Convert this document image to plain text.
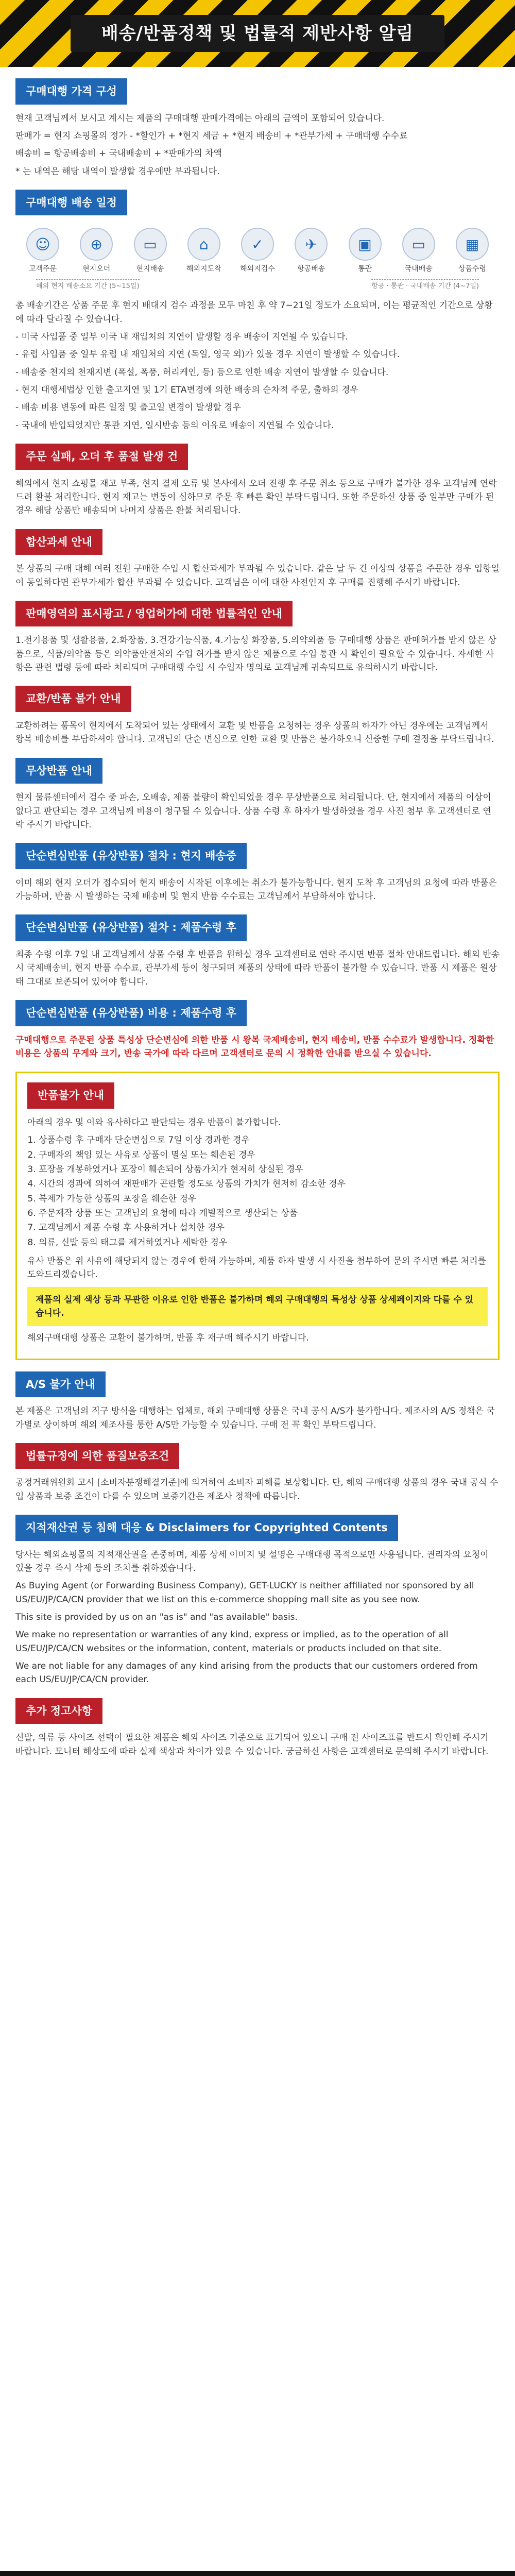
배송/반품정책 및 법률적 제반사항 알림
구매대행 가격 구성

현재 고객님께서 보시고 계시는 제품의 구매대행 판매가격에는 아래의 금액이 포함되어 있습니다.

판매가 = 현지 쇼핑몰의 정가 - *할인가 + *현지 세금 + *현지 배송비 + *관부가세 + 구매대행 수수료

배송비 = 항공배송비 + 국내배송비 + *판매가의 차액

* 는 내역은 해당 내역이 발생할 경우에만 부과됩니다.

구매대행 배송 일정
☺
고객주문
⊕
현지오더
▭
현지배송
⌂
해외지도착
✓
해외지검수
✈
항공배송
▣
통관
▭
국내배송
▦
상품수령
해외 현지 배송소요 기간 (5~15일)	항공 · 통관 · 국내배송 기간 (4~7일)

총 배송기간은 상품 주문 후 현지 배대지 검수 과정을 모두 마친 후 약 7~21일 정도가 소요되며, 이는 평균적인 기간으로 상황에 따라 달라질 수 있습니다.

- 미국 사입품 중 일부 이국 내 재입처의 지연이 발생할 경우 배송이 지연될 수 있습니다.

- 유럽 사입품 중 일부 유럽 내 재입처의 지연 (독일, 영국 외)가 있을 경우 지연이 발생할 수 있습니다.

- 배송중 천지의 천재지변 (폭설, 폭풍, 허리케인, 등) 등으로 인한 배송 지연이 발생할 수 있습니다.

- 현지 대행세법상 인한 출고지연 및 1기 ETA변경에 의한 배송의 순차적 주문, 출하의 경우

- 배송 비용 변동에 따른 일정 및 출고일 변경이 발생할 경우

- 국내에 반입되었지만 통관 지연, 일시반송 등의 이유로 배송이 지연될 수 있습니다.

주문 실패, 오더 후 품절 발생 건

해외에서 현지 쇼핑몰 재고 부족, 현지 결제 오류 및 본사에서 오더 진행 후 주문 취소 등으로 구매가 불가한 경우 고객님께 연락드려 환불 처리합니다. 현지 재고는 변동이 심하므로 주문 후 빠른 확인 부탁드립니다. 또한 주문하신 상품 중 일부만 구매가 된 경우 해당 상품만 배송되며 나머지 상품은 환불 처리됩니다.

합산과세 안내

본 상품의 구매 대해 여러 전원 구매한 수입 시 합산과세가 부과될 수 있습니다. 같은 날 두 건 이상의 상품을 주문한 경우 입항일이 동일하다면 관부가세가 합산 부과될 수 있습니다. 고객님은 이에 대한 사전인지 후 구매를 진행해 주시기 바랍니다.

판매영역의 표시광고 / 영업허가에 대한 법률적인 안내

1.전기용품 및 생활용품, 2.화장품, 3.건강기능식품, 4.기능성 화장품, 5.의약외품 등 구매대행 상품은 판매허가를 받지 않은 상품으로, 식품/의약품 등은 의약품안전처의 수입 허가를 받지 않은 제품으로 수입 통관 시 확인이 필요할 수 있습니다. 자세한 사항은 관련 법령 등에 따라 처리되며 구매대행 수입 시 수입자 명의로 고객님께 귀속되므로 유의하시기 바랍니다.

교환/반품 불가 안내

교환하려는 품목이 현지에서 도착되어 있는 상태에서 교환 및 반품을 요청하는 경우 상품의 하자가 아닌 경우에는 고객님께서 왕복 배송비를 부담하셔야 합니다. 고객님의 단순 변심으로 인한 교환 및 반품은 불가하오니 신중한 구매 결정을 부탁드립니다.

무상반품 안내

현지 물류센터에서 검수 중 파손, 오배송, 제품 불량이 확인되었을 경우 무상반품으로 처리됩니다. 단, 현지에서 제품의 이상이 없다고 판단되는 경우 고객님께 비용이 청구될 수 있습니다. 상품 수령 후 하자가 발생하였을 경우 사진 첨부 후 고객센터로 연락 주시기 바랍니다.

단순변심반품 (유상반품) 절차 : 현지 배송중

이미 해외 현지 오더가 접수되어 현지 배송이 시작된 이후에는 취소가 불가능합니다. 현지 도착 후 고객님의 요청에 따라 반품은 가능하며, 반품 시 발생하는 국제 배송비 및 현지 반품 수수료는 고객님께서 부담하셔야 합니다.

단순변심반품 (유상반품) 절차 : 제품수령 후

최종 수령 이후 7일 내 고객님께서 상품 수령 후 반품을 원하실 경우 고객센터로 연락 주시면 반품 절차 안내드립니다. 해외 반송 시 국제배송비, 현지 반품 수수료, 관부가세 등이 청구되며 제품의 상태에 따라 반품이 불가할 수 있습니다. 반품 시 제품은 원상태 그대로 보존되어 있어야 합니다.

단순변심반품 (유상반품) 비용 : 제품수령 후

구매대행으로 주문된 상품 특성상 단순변심에 의한 반품 시 왕복 국제배송비, 현지 배송비, 반품 수수료가 발생합니다. 정확한 비용은 상품의 무게와 크기, 반송 국가에 따라 다르며 고객센터로 문의 시 정확한 안내를 받으실 수 있습니다.

반품불가 안내

아래의 경우 및 이와 유사하다고 판단되는 경우 반품이 불가합니다.

1. 상품수령 후 구매자 단순변심으로 7일 이상 경과한 경우
2. 구매자의 책임 있는 사유로 상품이 멸실 또는 훼손된 경우
3. 포장을 개봉하였거나 포장이 훼손되어 상품가치가 현저히 상실된 경우
4. 시간의 경과에 의하여 재판매가 곤란할 정도로 상품의 가치가 현저히 감소한 경우
5. 복제가 가능한 상품의 포장을 훼손한 경우
6. 주문제작 상품 또는 고객님의 요청에 따라 개별적으로 생산되는 상품
7. 고객님께서 제품 수령 후 사용하거나 설치한 경우
8. 의류, 신발 등의 태그를 제거하였거나 세탁한 경우

유사 반품은 위 사유에 해당되지 않는 경우에 한해 가능하며, 제품 하자 발생 시 사진을 첨부하여 문의 주시면 빠른 처리를 도와드리겠습니다.

제품의 실제 색상 등과 무관한 이유로 인한 반품은 불가하며 해외 구매대행의 특성상 상품 상세페이지와 다를 수 있습니다.

해외구매대행 상품은 교환이 불가하며, 반품 후 재구매 해주시기 바랍니다.

A/S 불가 안내

본 제품은 고객님의 직구 방식을 대행하는 업체로, 해외 구매대행 상품은 국내 공식 A/S가 불가합니다. 제조사의 A/S 정책은 국가별로 상이하며 해외 제조사를 통한 A/S만 가능할 수 있습니다. 구매 전 꼭 확인 부탁드립니다.

법률규정에 의한 품질보증조건

공정거래위원회 고시 [소비자분쟁해결기준]에 의거하여 소비자 피해를 보상합니다. 단, 해외 구매대행 상품의 경우 국내 공식 수입 상품과 보증 조건이 다를 수 있으며 보증기간은 제조사 정책에 따릅니다.

지적재산권 등 침해 대응 & Disclaimers for Copyrighted Contents

당사는 해외쇼핑몰의 지적재산권을 존중하며, 제품 상세 이미지 및 설명은 구매대행 목적으로만 사용됩니다. 권리자의 요청이 있을 경우 즉시 삭제 등의 조치를 취하겠습니다.

As Buying Agent (or Forwarding Business Company), GET-LUCKY is neither affiliated nor sponsored by all US/EU/JP/CA/CN provider that we list on this e-commerce shopping mall site as you see now.

This site is provided by us on an "as is" and "as available" basis.

We make no representation or warranties of any kind, express or implied, as to the operation of all US/EU/JP/CA/CN websites or the information, content, materials or products included on that site.

We are not liable for any damages of any kind arising from the products that our customers ordered from each US/EU/JP/CA/CN provider.

추가 정고사항

신발, 의류 등 사이즈 선택이 필요한 제품은 해외 사이즈 기준으로 표기되어 있으니 구매 전 사이즈표를 반드시 확인해 주시기 바랍니다. 모니터 해상도에 따라 실제 색상과 차이가 있을 수 있습니다. 궁금하신 사항은 고객센터로 문의해 주시기 바랍니다.
